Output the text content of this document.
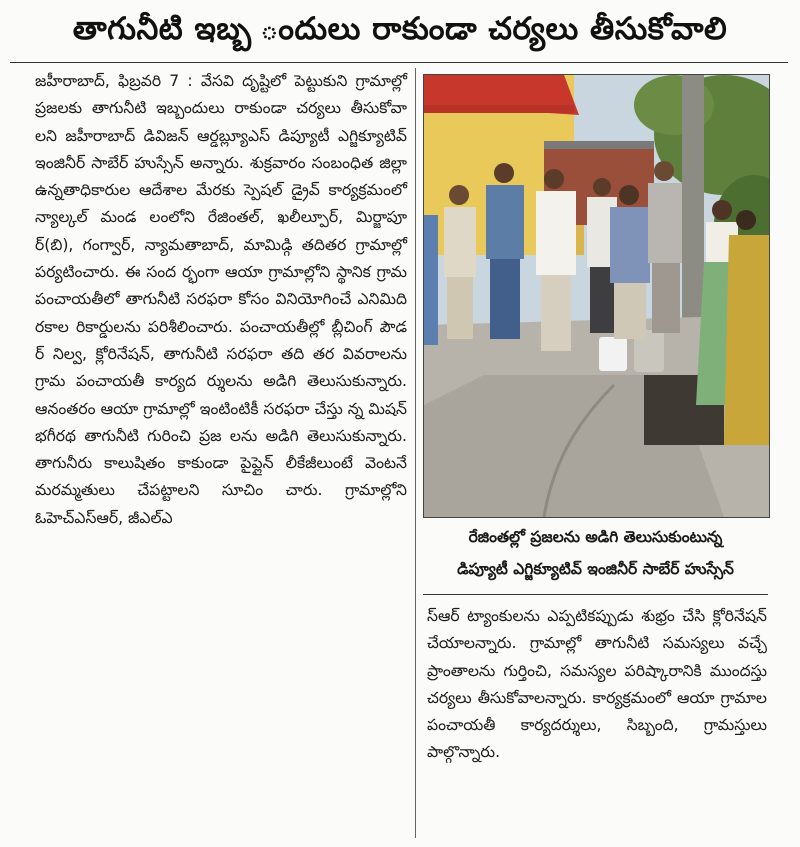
తాగునీటి ఇబ్బ ందులు రాకుండా చర్యలు తీసుకోవాలి

జహీరాబాద్, ఫిబ్రవరి 7 : వేసవి దృష్టిలో పెట్టుకుని గ్రామాల్లో ప్రజలకు తాగునీటి ఇబ్బందులు రాకుండా చర్యలు తీసుకోవా లని జహీరాబాద్ డివిజన్ ఆర్డబ్ల్యూఎస్ డిప్యూటీ ఎగ్జిక్యూటివ్ ఇంజినీర్ సాబేర్ హుస్సేన్ అన్నారు. శుక్రవారం సంబంధిత జిల్లా ఉన్నతాధికారుల ఆదేశాల మేరకు స్పెషల్ డ్రైవ్ కార్యక్రమంలో న్యాల్కల్ మండ లంలోని రేజింతల్, ఖలీల్పూర్, మిర్జాపూ ర్(బి), గంగ్వార్, న్యామతాబాద్, మామిడ్గి తదితర గ్రామాల్లో పర్యటించారు. ఈ సంద ర్భంగా ఆయా గ్రామాల్లోని స్థానిక గ్రామ పంచాయతీలో తాగునీటి సరఫరా కోసం వినియోగించే ఎనిమిది రకాల రికార్డులను పరిశీలించారు. పంచాయతీల్లో బ్లీచింగ్ పౌడ ర్ నిల్వ, క్లోరినేషన్, తాగునీటి సరఫరా తది తర వివరాలను గ్రామ పంచాయతీ కార్యద ర్శులను అడిగి తెలుసుకున్నారు. ఆనంతరం ఆయా గ్రామాల్లో ఇంటింటికీ సరఫరా చేస్తు న్న మిషన్ భగీరథ తాగునీటి గురించి ప్రజ లను అడిగి తెలుసుకున్నారు. తాగునీరు కాలుషితం కాకుండా పైప్లైన్ లీకేజీలుంటే వెంటనే మరమ్మతులు చేపట్టాలని సూచిం చారు. గ్రామాల్లోని ఓహెచ్ఎస్ఆర్, జీఎల్ఎ

రేజింతల్లో ప్రజలను అడిగి తెలుసుకుంటున్న
డిప్యూటీ ఎగ్జిక్యూటివ్ ఇంజినీర్ సాబేర్ హుస్సేన్

స్ఆర్ ట్యాంకులను ఎప్పటికప్పుడు శుభ్రం చేసి క్లోరినేషన్ చేయాలన్నారు. గ్రామాల్లో తాగునీటి సమస్యలు వచ్చే ప్రాంతాలను గుర్తించి, సమస్యల పరిష్కారానికి ముందస్తు చర్యలు తీసుకోవాలన్నారు. కార్యక్రమంలో ఆయా గ్రామాల పంచాయతీ కార్యదర్శులు, సిబ్బంది, గ్రామస్తులు పాల్గొన్నారు.
